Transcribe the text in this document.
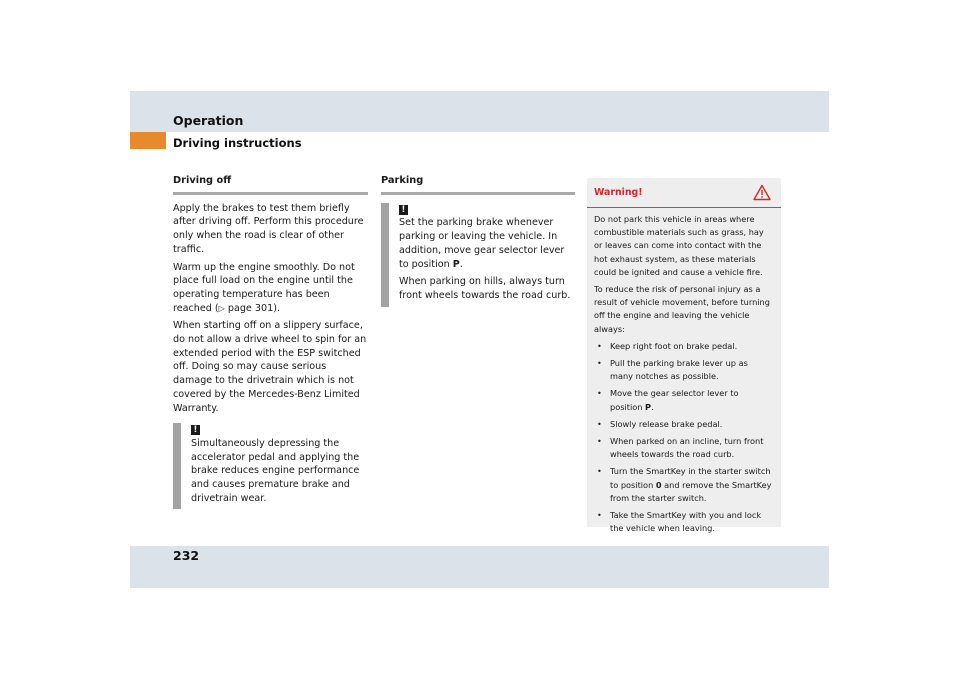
Operation
Driving instructions
Driving off

Apply the brakes to test them briefly after driving off. Perform this procedure only when the road is clear of other traffic.

Warm up the engine smoothly. Do not place full load on the engine until the operating temperature has been reached (▷ page 301).

When starting off on a slippery surface, do not allow a drive wheel to spin for an extended period with the ESP switched off. Doing so may cause serious damage to the drivetrain which is not covered by the Mercedes-Benz Limited Warranty.

!

Simultaneously depressing the accelerator pedal and applying the brake reduces engine performance and causes premature brake and drivetrain wear.

Parking
!

Set the parking brake whenever parking or leaving the vehicle. In addition, move gear selector lever to position P.

When parking on hills, always turn front wheels towards the road curb.

Warning!

Do not park this vehicle in areas where combustible materials such as grass, hay or leaves can come into contact with the hot exhaust system, as these materials could be ignited and cause a vehicle fire.

To reduce the risk of personal injury as a result of vehicle movement, before turning off the engine and leaving the vehicle always:

• Keep right foot on brake pedal.
• Pull the parking brake lever up as many notches as possible.
• Move the gear selector lever to position P.
• Slowly release brake pedal.
• When parked on an incline, turn front wheels towards the road curb.
• Turn the SmartKey in the starter switch to position 0 and remove the SmartKey from the starter switch.
• Take the SmartKey with you and lock the vehicle when leaving.
232
